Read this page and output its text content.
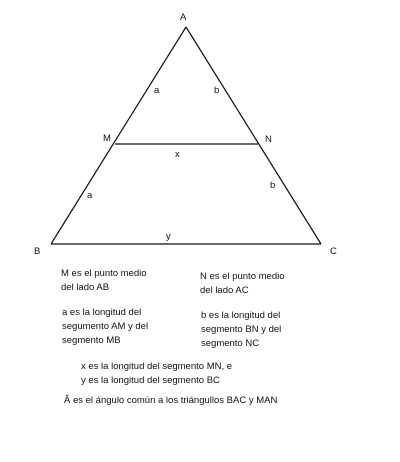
A
B	C
M	N
a	b
a
b
x
y
M es el punto medio
del lado AB
N es el punto medio
del lado AC
a es la longitud del
segumento AM y del
segmento MB
b es la longitud del
segmento BN y del
segmento NC
x es la longitud del segmento MN, e
y es la longitud del segmento BC
Â es el ángulo común a los triángullos BAC y MAN
